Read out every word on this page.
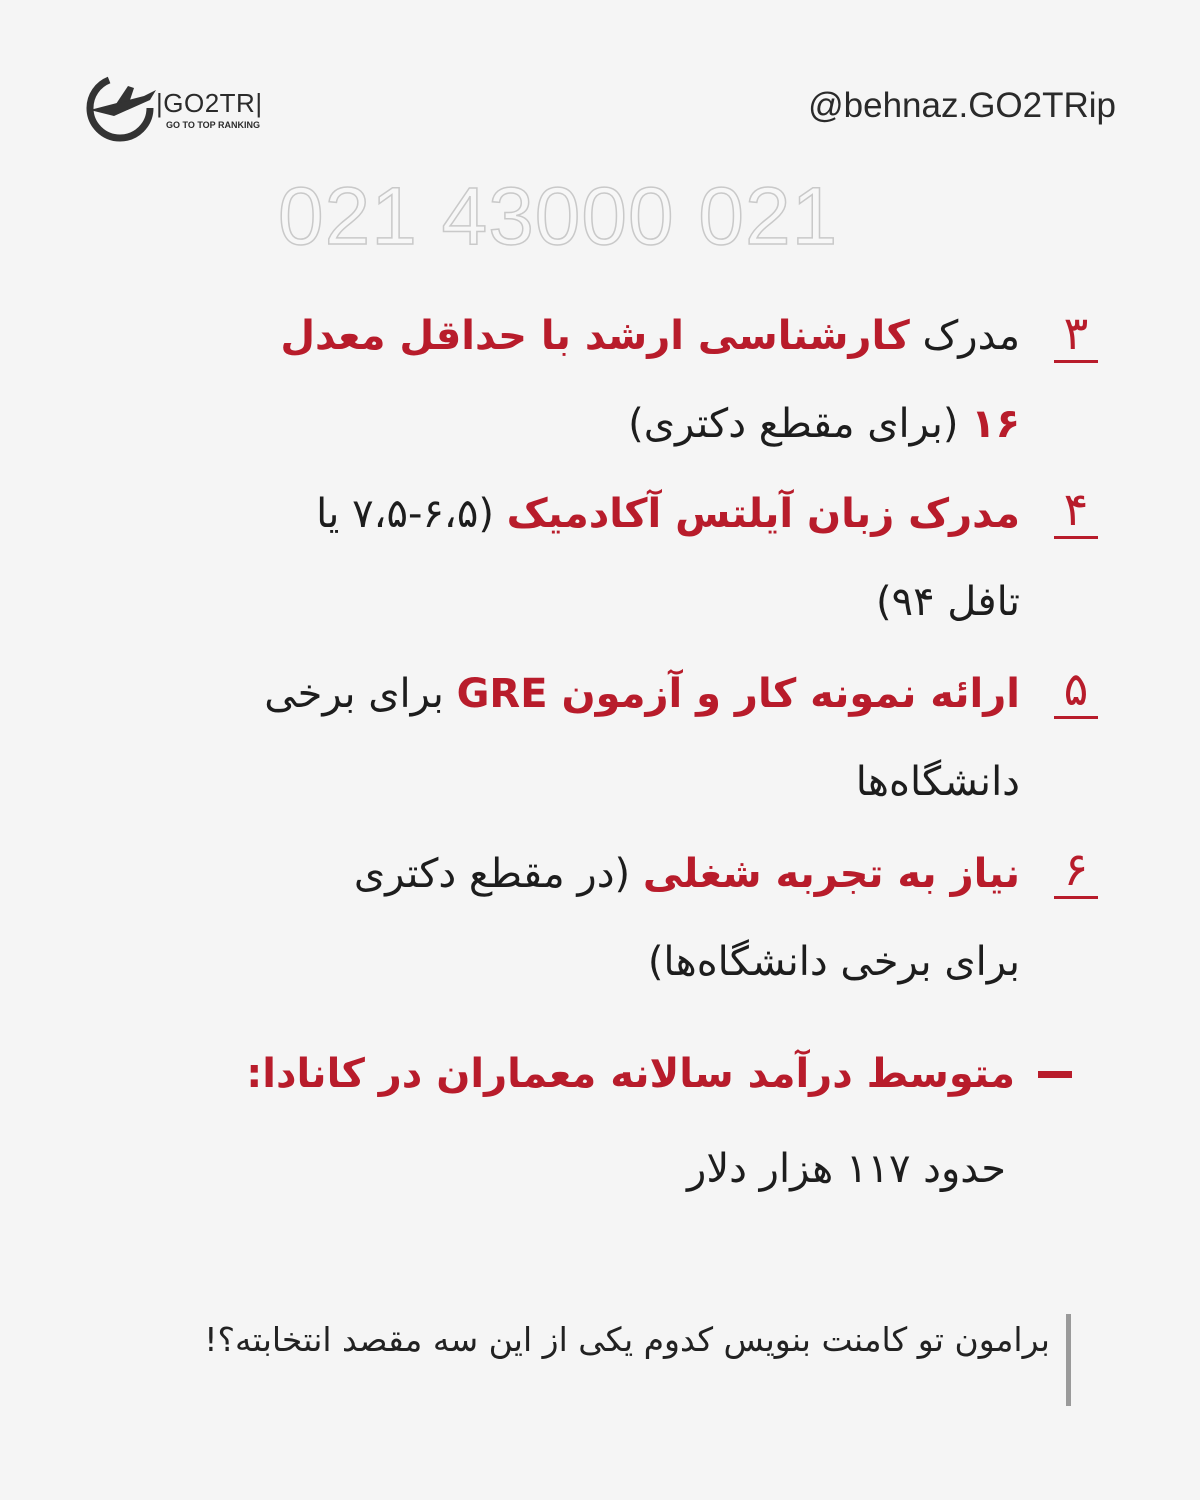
|GO2TR|
GO TO TOP RANKING	@behnaz.GO2TRip
021 43000 021
۳
مدرک کارشناسی ارشد با حداقل معدل
۱۶ (برای مقطع دکتری)
۴
مدرک زبان آیلتس آکادمیک (۶،۵-۷،۵ یا
تافل ۹۴)
۵
ارائه نمونه کار و آزمون GRE برای برخی
دانشگاه‌ها
۶
نیاز به تجربه شغلی (در مقطع دکتری
برای برخی دانشگاه‌ها)
متوسط درآمد سالانه معماران در کانادا:
حدود ۱۱۷ هزار دلار
برامون تو کامنت بنویس کدوم یکی از این سه مقصد انتخابته؟!
